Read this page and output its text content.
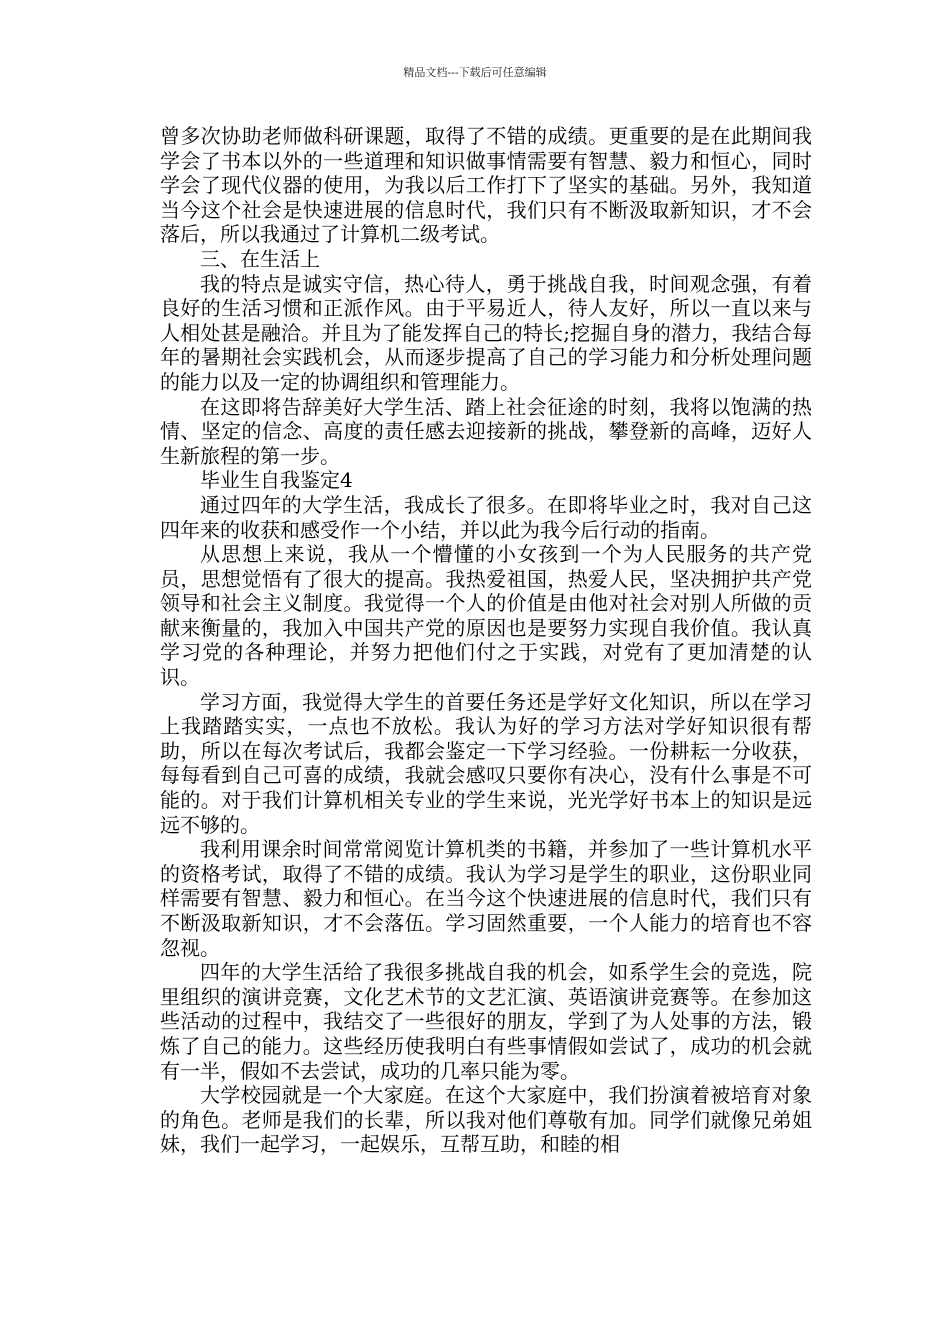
精品文档---下载后可任意编辑

曾多次协助老师做科研课题，取得了不错的成绩。更重要的是在此期间我学会了书本以外的一些道理和知识做事情需要有智慧、毅力和恒心，同时学会了现代仪器的使用，为我以后工作打下了坚实的基础。另外，我知道当今这个社会是快速进展的信息时代，我们只有不断汲取新知识，才不会落后，所以我通过了计算机二级考试。

三、在生活上

我的特点是诚实守信，热心待人，勇于挑战自我，时间观念强，有着良好的生活习惯和正派作风。由于平易近人，待人友好，所以一直以来与人相处甚是融洽。并且为了能发挥自己的特长;挖掘自身的潜力，我结合每年的暑期社会实践机会，从而逐步提高了自己的学习能力和分析处理问题的能力以及一定的协调组织和管理能力。

在这即将告辞美好大学生活、踏上社会征途的时刻，我将以饱满的热情、坚定的信念、高度的责任感去迎接新的挑战，攀登新的高峰，迈好人生新旅程的第一步。

毕业生自我鉴定4

通过四年的大学生活，我成长了很多。在即将毕业之时，我对自己这四年来的收获和感受作一个小结，并以此为我今后行动的指南。

从思想上来说，我从一个懵懂的小女孩到一个为人民服务的共产党员，思想觉悟有了很大的提高。我热爱祖国，热爱人民，坚决拥护共产党领导和社会主义制度。我觉得一个人的价值是由他对社会对别人所做的贡献来衡量的，我加入中国共产党的原因也是要努力实现自我价值。我认真学习党的各种理论，并努力把他们付之于实践，对党有了更加清楚的认识。

学习方面，我觉得大学生的首要任务还是学好文化知识，所以在学习上我踏踏实实，一点也不放松。我认为好的学习方法对学好知识很有帮助，所以在每次考试后，我都会鉴定一下学习经验。一份耕耘一分收获，每每看到自己可喜的成绩，我就会感叹只要你有决心，没有什么事是不可能的。对于我们计算机相关专业的学生来说，光光学好书本上的知识是远远不够的。

我利用课余时间常常阅览计算机类的书籍，并参加了一些计算机水平的资格考试，取得了不错的成绩。我认为学习是学生的职业，这份职业同样需要有智慧、毅力和恒心。在当今这个快速进展的信息时代，我们只有不断汲取新知识，才不会落伍。学习固然重要，一个人能力的培育也不容忽视。

四年的大学生活给了我很多挑战自我的机会，如系学生会的竞选，院里组织的演讲竞赛，文化艺术节的文艺汇演、英语演讲竞赛等。在参加这些活动的过程中，我结交了一些很好的朋友，学到了为人处事的方法，锻炼了自己的能力。这些经历使我明白有些事情假如尝试了，成功的机会就有一半，假如不去尝试，成功的几率只能为零。

大学校园就是一个大家庭。在这个大家庭中，我们扮演着被培育对象的角色。老师是我们的长辈，所以我对他们尊敬有加。同学们就像兄弟姐妹，我们一起学习，一起娱乐，互帮互助，和睦的相
